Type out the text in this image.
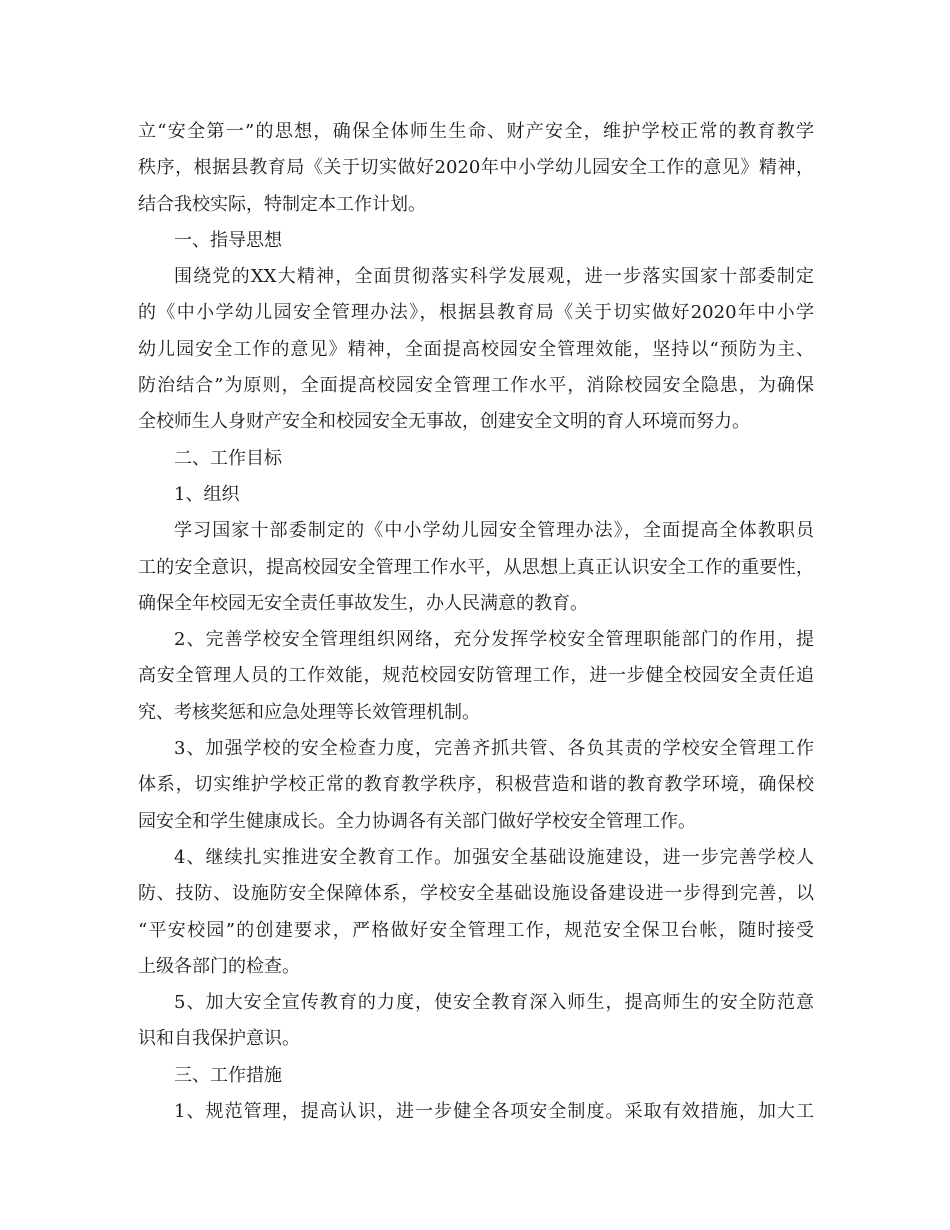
立“安全第一”的思想，确保全体师生生命、财产安全，维护学校正常的教育教学
秩序，根据县教育局《关于切实做好2020年中小学幼儿园安全工作的意见》精神，
结合我校实际，特制定本工作计划。
一、指导思想
围绕党的XX大精神，全面贯彻落实科学发展观，进一步落实国家十部委制定
的《中小学幼儿园安全管理办法》，根据县教育局《关于切实做好2020年中小学
幼儿园安全工作的意见》精神，全面提高校园安全管理效能，坚持以“预防为主、
防治结合”为原则，全面提高校园安全管理工作水平，消除校园安全隐患，为确保
全校师生人身财产安全和校园安全无事故，创建安全文明的育人环境而努力。
二、工作目标
1、组织
学习国家十部委制定的《中小学幼儿园安全管理办法》，全面提高全体教职员
工的安全意识，提高校园安全管理工作水平，从思想上真正认识安全工作的重要性，
确保全年校园无安全责任事故发生，办人民满意的教育。
2、完善学校安全管理组织网络，充分发挥学校安全管理职能部门的作用，提
高安全管理人员的工作效能，规范校园安防管理工作，进一步健全校园安全责任追
究、考核奖惩和应急处理等长效管理机制。
3、加强学校的安全检查力度，完善齐抓共管、各负其责的学校安全管理工作
体系，切实维护学校正常的教育教学秩序，积极营造和谐的教育教学环境，确保校
园安全和学生健康成长。全力协调各有关部门做好学校安全管理工作。
4、继续扎实推进安全教育工作。加强安全基础设施建设，进一步完善学校人
防、技防、设施防安全保障体系，学校安全基础设施设备建设进一步得到完善，以
“平安校园”的创建要求，严格做好安全管理工作，规范安全保卫台帐，随时接受
上级各部门的检查。
5、加大安全宣传教育的力度，使安全教育深入师生，提高师生的安全防范意
识和自我保护意识。
三、工作措施
1、规范管理，提高认识，进一步健全各项安全制度。采取有效措施，加大工
